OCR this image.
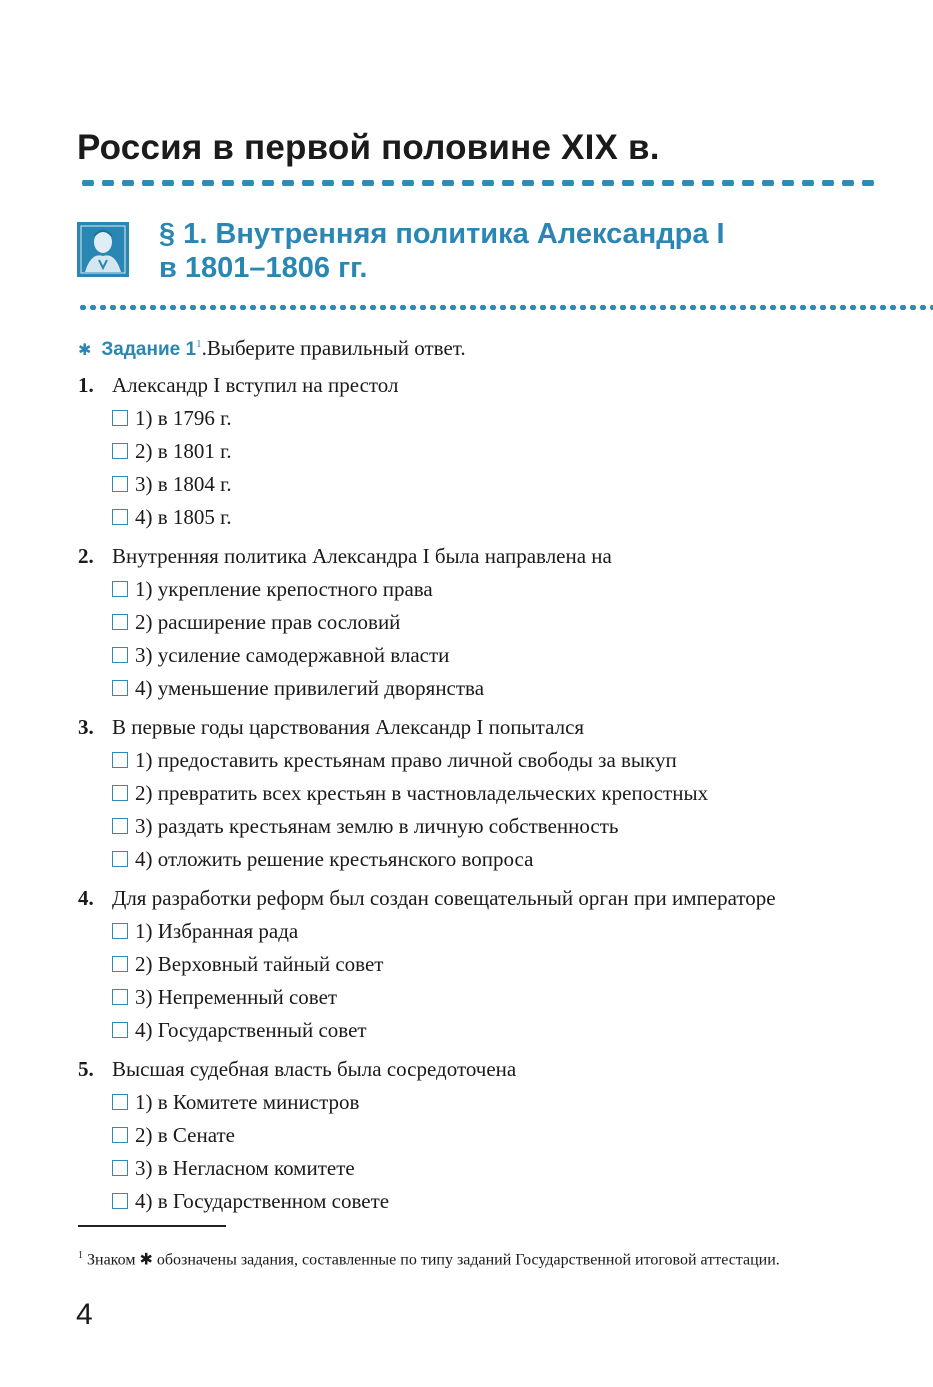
Россия в первой половине XIX в.
§ 1. Внутренняя политика Александра I
в 1801–1806 гг.
✱ Задание $1^1.Выберите$ правильный ответ.
1. Александр I вступил на престол
1) в 1796 г.
2) в 1801 г.
3) в 1804 г.
4) в 1805 г.
2. Внутренняя политика Александра I была направлена на
1) укрепление крепостного права
2) расширение прав сословий
3) усиление самодержавной власти
4) уменьшение привилегий дворянства
3. В первые годы царствования Александр I попытался
1) предоставить крестьянам право личной свободы за выкуп
2) превратить всех крестьян в частновладельческих крепостных
3) раздать крестьянам землю в личную собственность
4) отложить решение крестьянского вопроса
4. Для разработки реформ был создан совещательный орган при императоре
1) Избранная рада
2) Верховный тайный совет
3) Непременный совет
4) Государственный совет
5. Высшая судебная власть была сосредоточена
1) в Комитете министров
2) в Сенате
3) в Негласном комитете
4) в Государственном совете

$^1$ Знаком ✱ обозначены задания, составленные по типу заданий Государственной итоговой аттестации.

4
